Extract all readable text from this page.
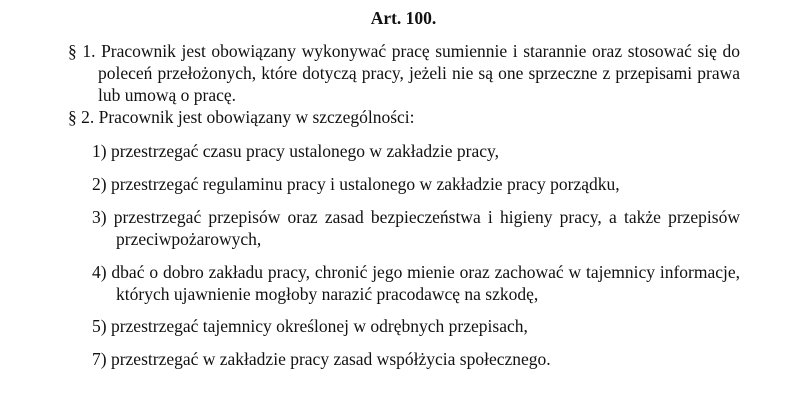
Art. 100.
§ 1. Pracownik jest obowiązany wykonywać pracę sumiennie i starannie oraz stosować się do poleceń przełożonych, które dotyczą pracy, jeżeli nie są one sprzeczne z przepisami prawa lub umową o pracę.
§ 2. Pracownik jest obowiązany w szczególności:
1) przestrzegać czasu pracy ustalonego w zakładzie pracy,
2) przestrzegać regulaminu pracy i ustalonego w zakładzie pracy porządku,
3) przestrzegać przepisów oraz zasad bezpieczeństwa i higieny pracy, a także przepisów przeciwpożarowych,
4) dbać o dobro zakładu pracy, chronić jego mienie oraz zachować w tajemnicy informacje, których ujawnienie mogłoby narazić pracodawcę na szkodę,
5) przestrzegać tajemnicy określonej w odrębnych przepisach,
7) przestrzegać w zakładzie pracy zasad współżycia społecznego.
